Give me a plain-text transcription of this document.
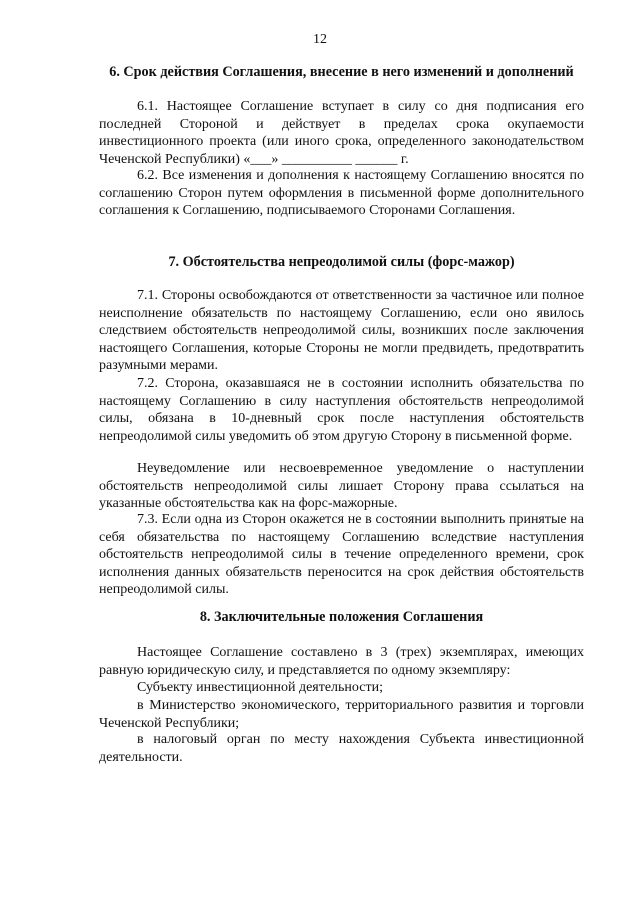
12
6. Срок действия Соглашения, внесение в него изменений и дополнений

6.1. Настоящее Соглашение вступает в силу со дня подписания его последней Стороной и действует в пределах срока окупаемости инвестиционного проекта (или иного срока, определенного законодательством Чеченской Республики) «___» __________ ______ г.

6.2. Все изменения и дополнения к настоящему Соглашению вносятся по соглашению Сторон путем оформления в письменной форме дополнительного соглашения к Соглашению, подписываемого Сторонами Соглашения.

7. Обстоятельства непреодолимой силы (форс-мажор)

7.1. Стороны освобождаются от ответственности за частичное или полное неисполнение обязательств по настоящему Соглашению, если оно явилось следствием обстоятельств непреодолимой силы, возникших после заключения настоящего Соглашения, которые Стороны не могли предвидеть, предотвратить разумными мерами.

7.2. Сторона, оказавшаяся не в состоянии исполнить обязательства по настоящему Соглашению в силу наступления обстоятельств непреодолимой силы, обязана в 10-дневный срок после наступления обстоятельств непреодолимой силы уведомить об этом другую Сторону в письменной форме.

Неуведомление или несвоевременное уведомление о наступлении обстоятельств непреодолимой силы лишает Сторону права ссылаться на указанные обстоятельства как на форс-мажорные.

7.3. Если одна из Сторон окажется не в состоянии выполнить принятые на себя обязательства по настоящему Соглашению вследствие наступления обстоятельств непреодолимой силы в течение определенного времени, срок исполнения данных обязательств переносится на срок действия обстоятельств непреодолимой силы.

8. Заключительные положения Соглашения

Настоящее Соглашение составлено в 3 (трех) экземплярах, имеющих равную юридическую силу, и представляется по одному экземпляру:

Субъекту инвестиционной деятельности;

в Министерство экономического, территориального развития и торговли Чеченской Республики;

в налоговый орган по месту нахождения Субъекта инвестиционной деятельности.
